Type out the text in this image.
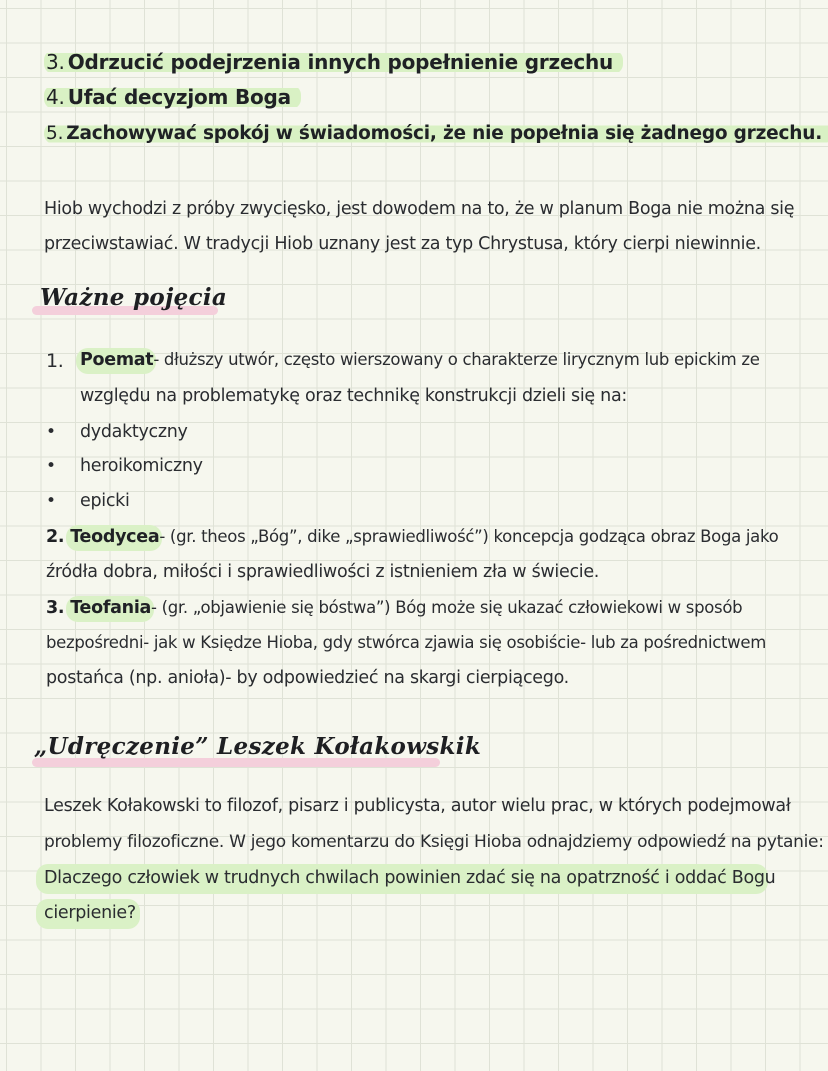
3. Odrzucić podejrzenia innych popełnienie grzechu
4. Ufać decyzjom Boga
5. Zachowywać spokój w świadomości, że nie popełnia się żadnego grzechu.
Hiob wychodzi z próby zwycięsko, jest dowodem na to, że w planum Boga nie można się
przeciwstawiać. W tradycji Hiob uznany jest za typ Chrystusa, który cierpi niewinnie.
Ważne pojęcia
1. Poemat- dłuższy utwór, często wierszowany o charakterze lirycznym lub epickim ze
względu na problematykę oraz technikę konstrukcji dzieli się na:
• dydaktyczny
• heroikomiczny
• epicki
2. Teodycea- (gr. theos „Bóg”, dike „sprawiedliwość”) koncepcja godząca obraz Boga jako
źródła dobra, miłości i sprawiedliwości z istnieniem zła w świecie.
3. Teofania- (gr. „objawienie się bóstwa”) Bóg może się ukazać człowiekowi w sposób
bezpośredni- jak w Księdze Hioba, gdy stwórca zjawia się osobiście- lub za pośrednictwem
postańca (np. anioła)- by odpowiedzieć na skargi cierpiącego.
„Udręczenie” Leszek Kołakowskik
Leszek Kołakowski to filozof, pisarz i publicysta, autor wielu prac, w których podejmował
problemy filozoficzne. W jego komentarzu do Księgi Hioba odnajdziemy odpowiedź na pytanie:
Dlaczego człowiek w trudnych chwilach powinien zdać się na opatrzność i oddać Bogu
cierpienie?
